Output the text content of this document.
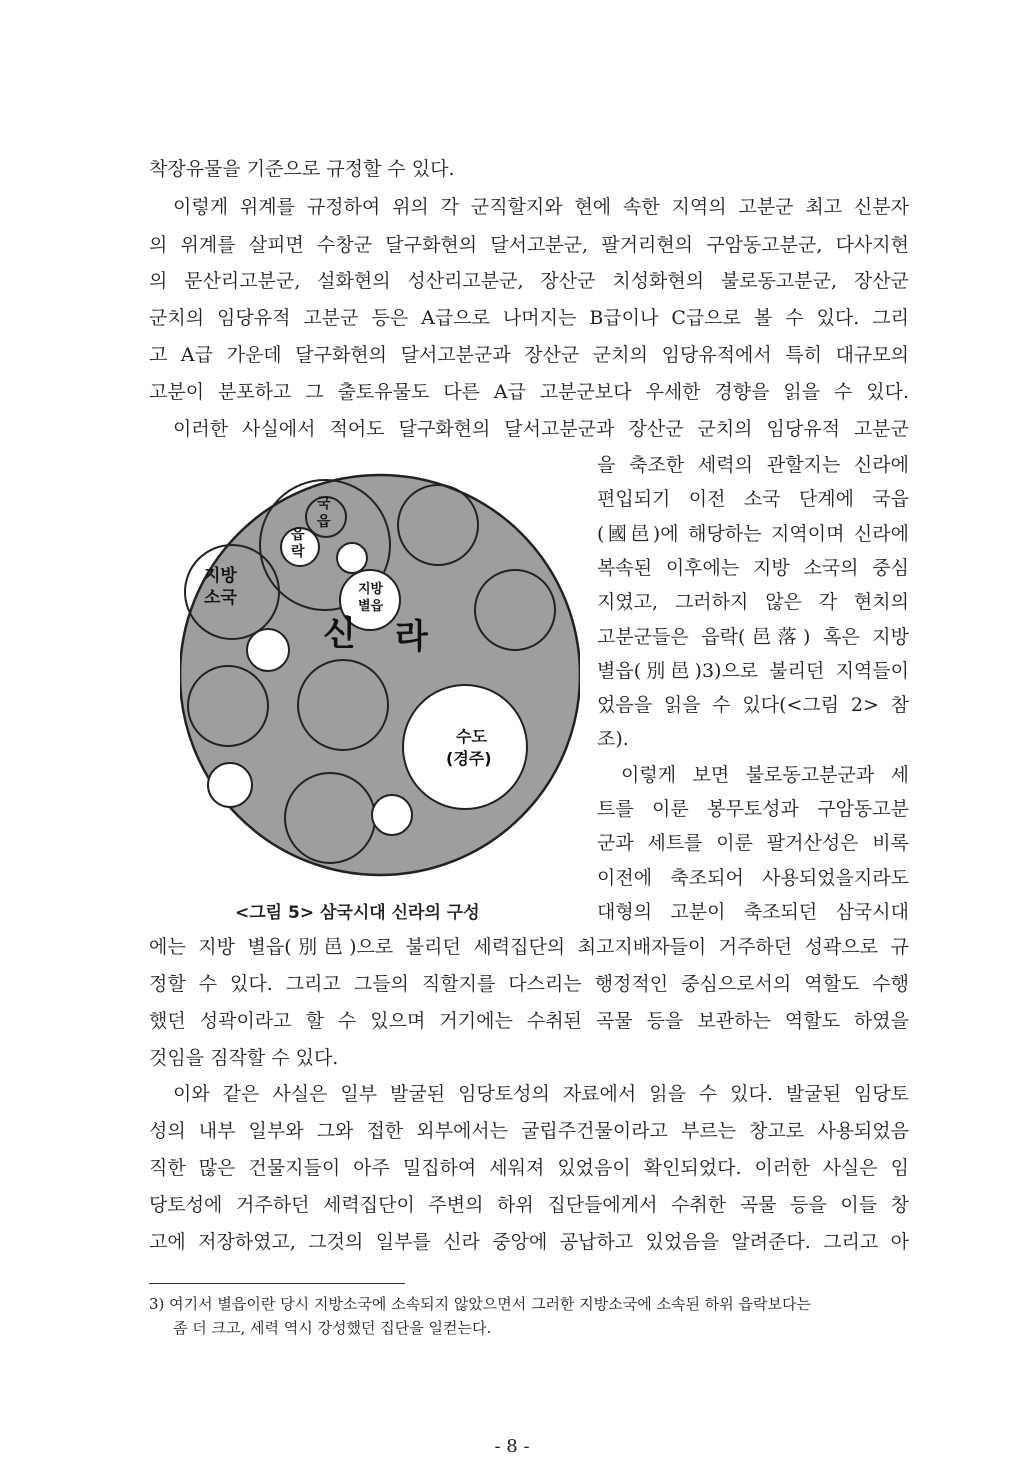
착장유물을 기준으로 규정할 수 있다.
이렇게 위계를 규정하여 위의 각 군직할지와 현에 속한 지역의 고분군 최고 신분자
의 위계를 살피면 수창군 달구화현의 달서고분군, 팔거리현의 구암동고분군, 다사지현
의 문산리고분군, 설화현의 성산리고분군, 장산군 치성화현의 불로동고분군, 장산군
군치의 임당유적 고분군 등은 A급으로 나머지는 B급이나 C급으로 볼 수 있다. 그리
고 A급 가운데 달구화현의 달서고분군과 장산군 군치의 임당유적에서 특히 대규모의
고분이 분포하고 그 출토유물도 다른 A급 고분군보다 우세한 경향을 읽을 수 있다.
이러한 사실에서 적어도 달구화현의 달서고분군과 장산군 군치의 임당유적 고분군
을 축조한 세력의 관할지는 신라에
편입되기 이전 소국 단계에 국읍
(國邑)에 해당하는 지역이며 신라에
복속된 이후에는 지방 소국의 중심
지였고, 그러하지 않은 각 현치의
고분군들은 읍락(邑落) 혹은 지방
별읍(別邑)3)으로 불리던 지역들이
었음을 읽을 수 있다(<그림 2> 참
조).
이렇게 보면 불로동고분군과 세
트를 이룬 봉무토성과 구암동고분
군과 세트를 이룬 팔거산성은 비록
이전에 축조되어 사용되었을지라도
대형의 고분이 축조되던 삼국시대
신 라
국
읍
읍
락
지방
소국	지방
별읍
수도
(경주)
<그림 5> 삼국시대 신라의 구성
에는 지방 별읍(別邑)으로 불리던 세력집단의 최고지배자들이 거주하던 성곽으로 규
정할 수 있다. 그리고 그들의 직할지를 다스리는 행정적인 중심으로서의 역할도 수행
했던 성곽이라고 할 수 있으며 거기에는 수취된 곡물 등을 보관하는 역할도 하였을
것임을 짐작할 수 있다.
이와 같은 사실은 일부 발굴된 임당토성의 자료에서 읽을 수 있다. 발굴된 임당토
성의 내부 일부와 그와 접한 외부에서는 굴립주건물이라고 부르는 창고로 사용되었음
직한 많은 건물지들이 아주 밀집하여 세워져 있었음이 확인되었다. 이러한 사실은 임
당토성에 거주하던 세력집단이 주변의 하위 집단들에게서 수취한 곡물 등을 이들 창
고에 저장하였고, 그것의 일부를 신라 중앙에 공납하고 있었음을 알려준다. 그리고 아
3) 여기서 별읍이란 당시 지방소국에 소속되지 않았으면서 그러한 지방소국에 소속된 하위 읍락보다는
좀 더 크고, 세력 역시 강성했던 집단을 일컫는다.
- 8 -
